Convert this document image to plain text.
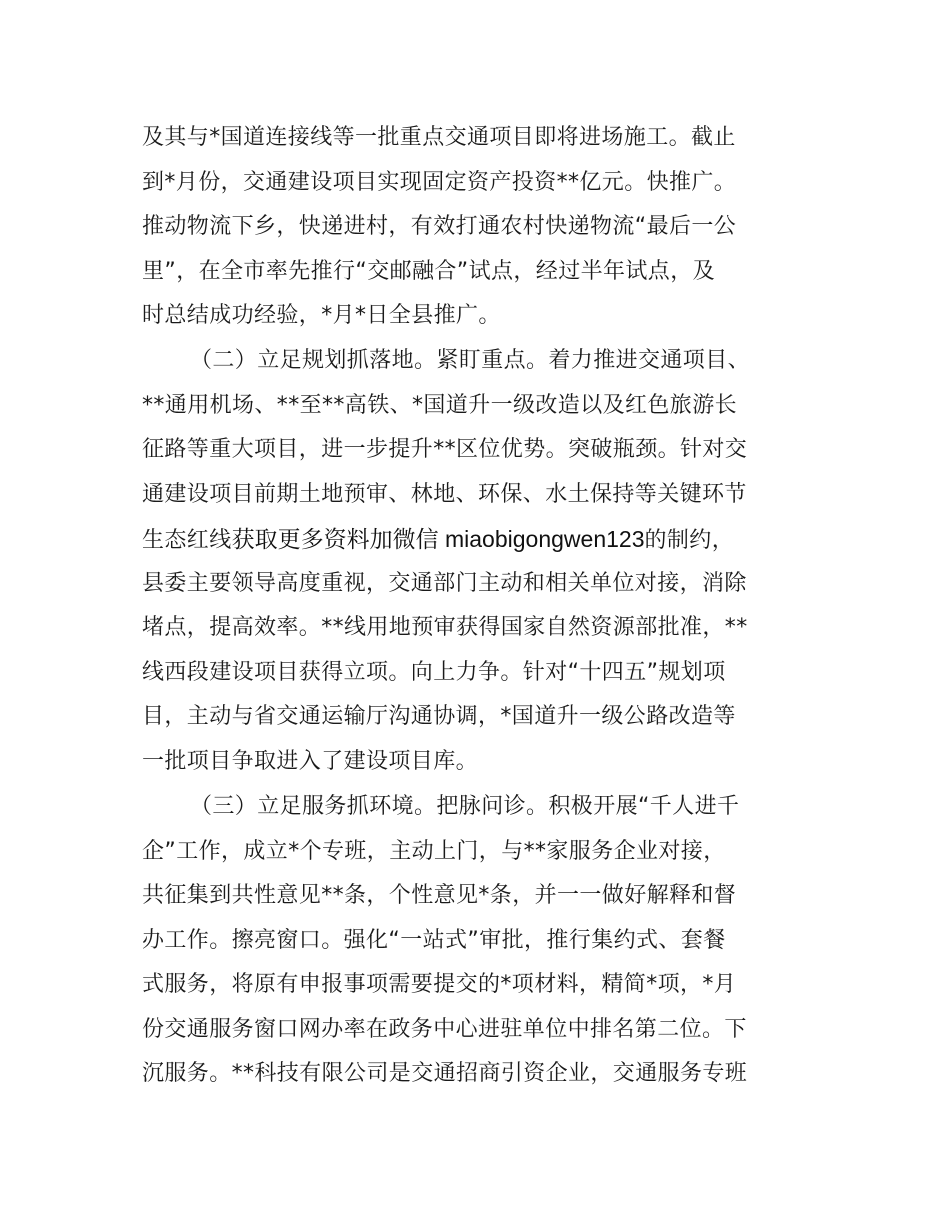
及其与*国道连接线等一批重点交通项目即将进场施工。截止
到*月份，交通建设项目实现固定资产投资**亿元。快推广。
推动物流下乡，快递进村，有效打通农村快递物流“最后一公
里”，在全市率先推行“交邮融合”试点，经过半年试点，及
时总结成功经验，*月*日全县推广。
（二）立足规划抓落地。紧盯重点。着力推进交通项目、
**通用机场、**至**高铁、*国道升一级改造以及红色旅游长
征路等重大项目，进一步提升**区位优势。突破瓶颈。针对交
通建设项目前期土地预审、林地、环保、水土保持等关键环节
生态红线获取更多资料加微信 miaobigongwen123的制约，
县委主要领导高度重视，交通部门主动和相关单位对接，消除
堵点，提高效率。**线用地预审获得国家自然资源部批准，**
线西段建设项目获得立项。向上力争。针对“十四五”规划项
目，主动与省交通运输厅沟通协调，*国道升一级公路改造等
一批项目争取进入了建设项目库。
（三）立足服务抓环境。把脉问诊。积极开展“千人进千
企”工作，成立*个专班，主动上门，与**家服务企业对接，
共征集到共性意见**条，个性意见*条，并一一做好解释和督
办工作。擦亮窗口。强化“一站式”审批，推行集约式、套餐
式服务，将原有申报事项需要提交的*项材料，精简*项，*月
份交通服务窗口网办率在政务中心进驻单位中排名第二位。下
沉服务。**科技有限公司是交通招商引资企业，交通服务专班
